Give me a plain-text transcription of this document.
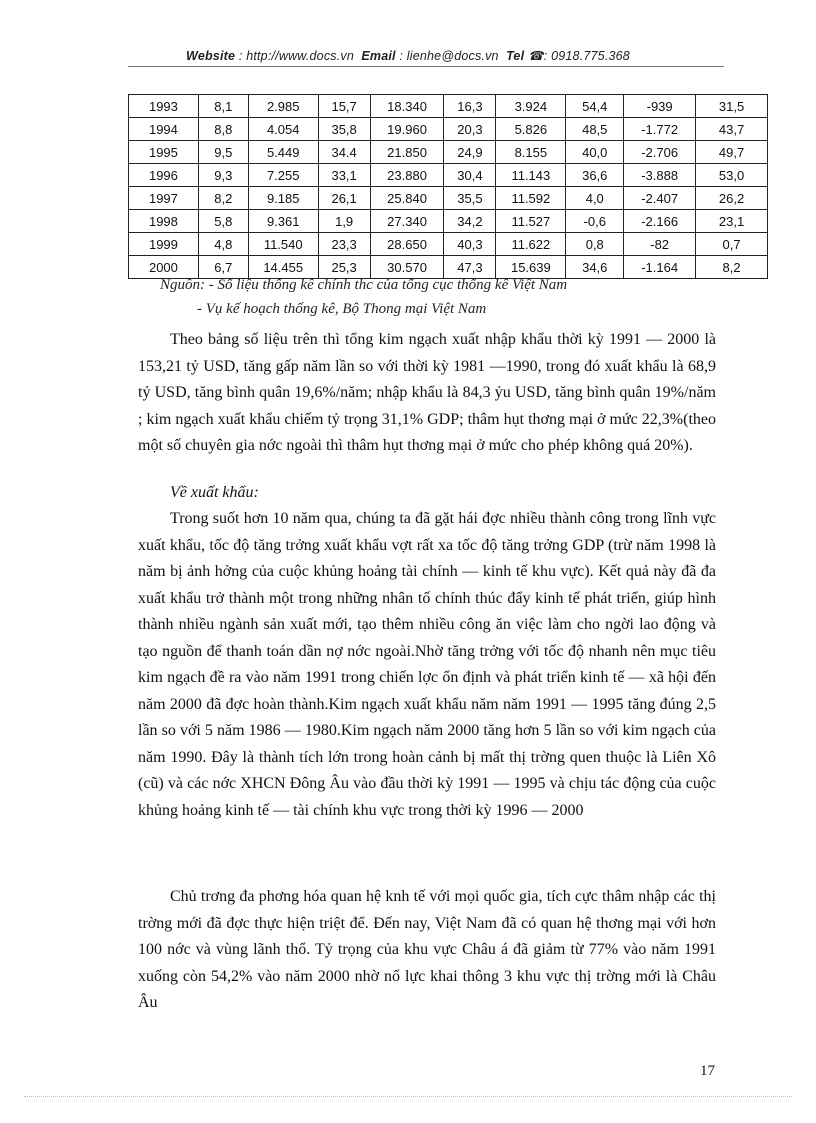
Website : http://www.docs.vn Email : lienhe@docs.vn Tel ☎: 0918.775.368
1993	8,1	2.985	15,7	18.340	16,3	3.924	54,4	-939	31,5
1994	8,8	4.054	35,8	19.960	20,3	5.826	48,5	-1.772	43,7
1995	9,5	5.449	34.4	21.850	24,9	8.155	40,0	-2.706	49,7
1996	9,3	7.255	33,1	23.880	30,4	11.143	36,6	-3.888	53,0
1997	8,2	9.185	26,1	25.840	35,5	11.592	4,0	-2.407	26,2
1998	5,8	9.361	1,9	27.340	34,2	11.527	-0,6	-2.166	23,1
1999	4,8	11.540	23,3	28.650	40,3	11.622	0,8	-82	0,7
2000	6,7	14.455	25,3	30.570	47,3	15.639	34,6	-1.164	8,2
Nguồn: - Số liệu thống kê chính thc của tổng cục thống kê Việt Nam
- Vụ kế hoạch thống kê, Bộ Thong mại Việt Nam

Theo bảng số liệu trên thì tổng kim ngạch xuất nhập khẩu thời kỳ 1991 — 2000 là 153,21 tỷ USD, tăng gấp năm lần so với thời kỳ 1981 —1990, trong đó xuất khẩu là 68,9 tỷ USD, tăng bình quân 19,6%/năm; nhập khẩu là 84,3 ỷu USD, tăng bình quân 19%/năm ; kim ngạch xuất khẩu chiếm tỷ trọng 31,1% GDP; thâm hụt thơng mại ở mức 22,3%(theo một số chuyên gia nớc ngoài thì thâm hụt thơng mại ở mức cho phép không quá 20%).

Về xuất khẩu:

Trong suốt hơn 10 năm qua, chúng ta đã gặt hái đợc nhiều thành công trong lĩnh vực xuất khẩu, tốc độ tăng trởng xuất khẩu vợt rất xa tốc độ tăng trởng GDP (trừ năm 1998 là năm bị ảnh hởng của cuộc khủng hoảng tài chính — kinh tế khu vực). Kết quả này đã đa xuất khẩu trở thành một trong những nhân tố chính thúc đẩy kinh tế phát triển, giúp hình thành nhiều ngành sản xuất mới, tạo thêm nhiều công ăn việc làm cho ngời lao động và tạo nguồn để thanh toán dần nợ nớc ngoài.Nhờ tăng trởng với tốc độ nhanh nên mục tiêu kim ngạch đề ra vào năm 1991 trong chiến lợc ổn định và phát triển kinh tế — xã hội đến năm 2000 đã đợc hoàn thành.Kim ngạch xuất khẩu năm năm 1991 — 1995 tăng đúng 2,5 lần so với 5 năm 1986 — 1980.Kim ngạch năm 2000 tăng hơn 5 lần so với kim ngạch của năm 1990. Đây là thành tích lớn trong hoàn cảnh bị mất thị trờng quen thuộc là Liên Xô (cũ) và các nớc XHCN Đông Âu vào đầu thời kỳ 1991 — 1995 và chịu tác động của cuộc khủng hoảng kinh tế — tài chính khu vực trong thời kỳ 1996 — 2000

Chủ trơng đa phơng hóa quan hệ knh tế với mọi quốc gia, tích cực thâm nhập các thị trờng mới đã đợc thực hiện triệt để. Đến nay, Việt Nam đã có quan hệ thơng mại với hơn 100 nớc và vùng lãnh thổ. Tỷ trọng của khu vực Châu á đã giảm từ 77% vào năm 1991 xuống còn 54,2% vào năm 2000 nhờ nổ lực khai thông 3 khu vực thị trờng mới là Châu Âu

17
